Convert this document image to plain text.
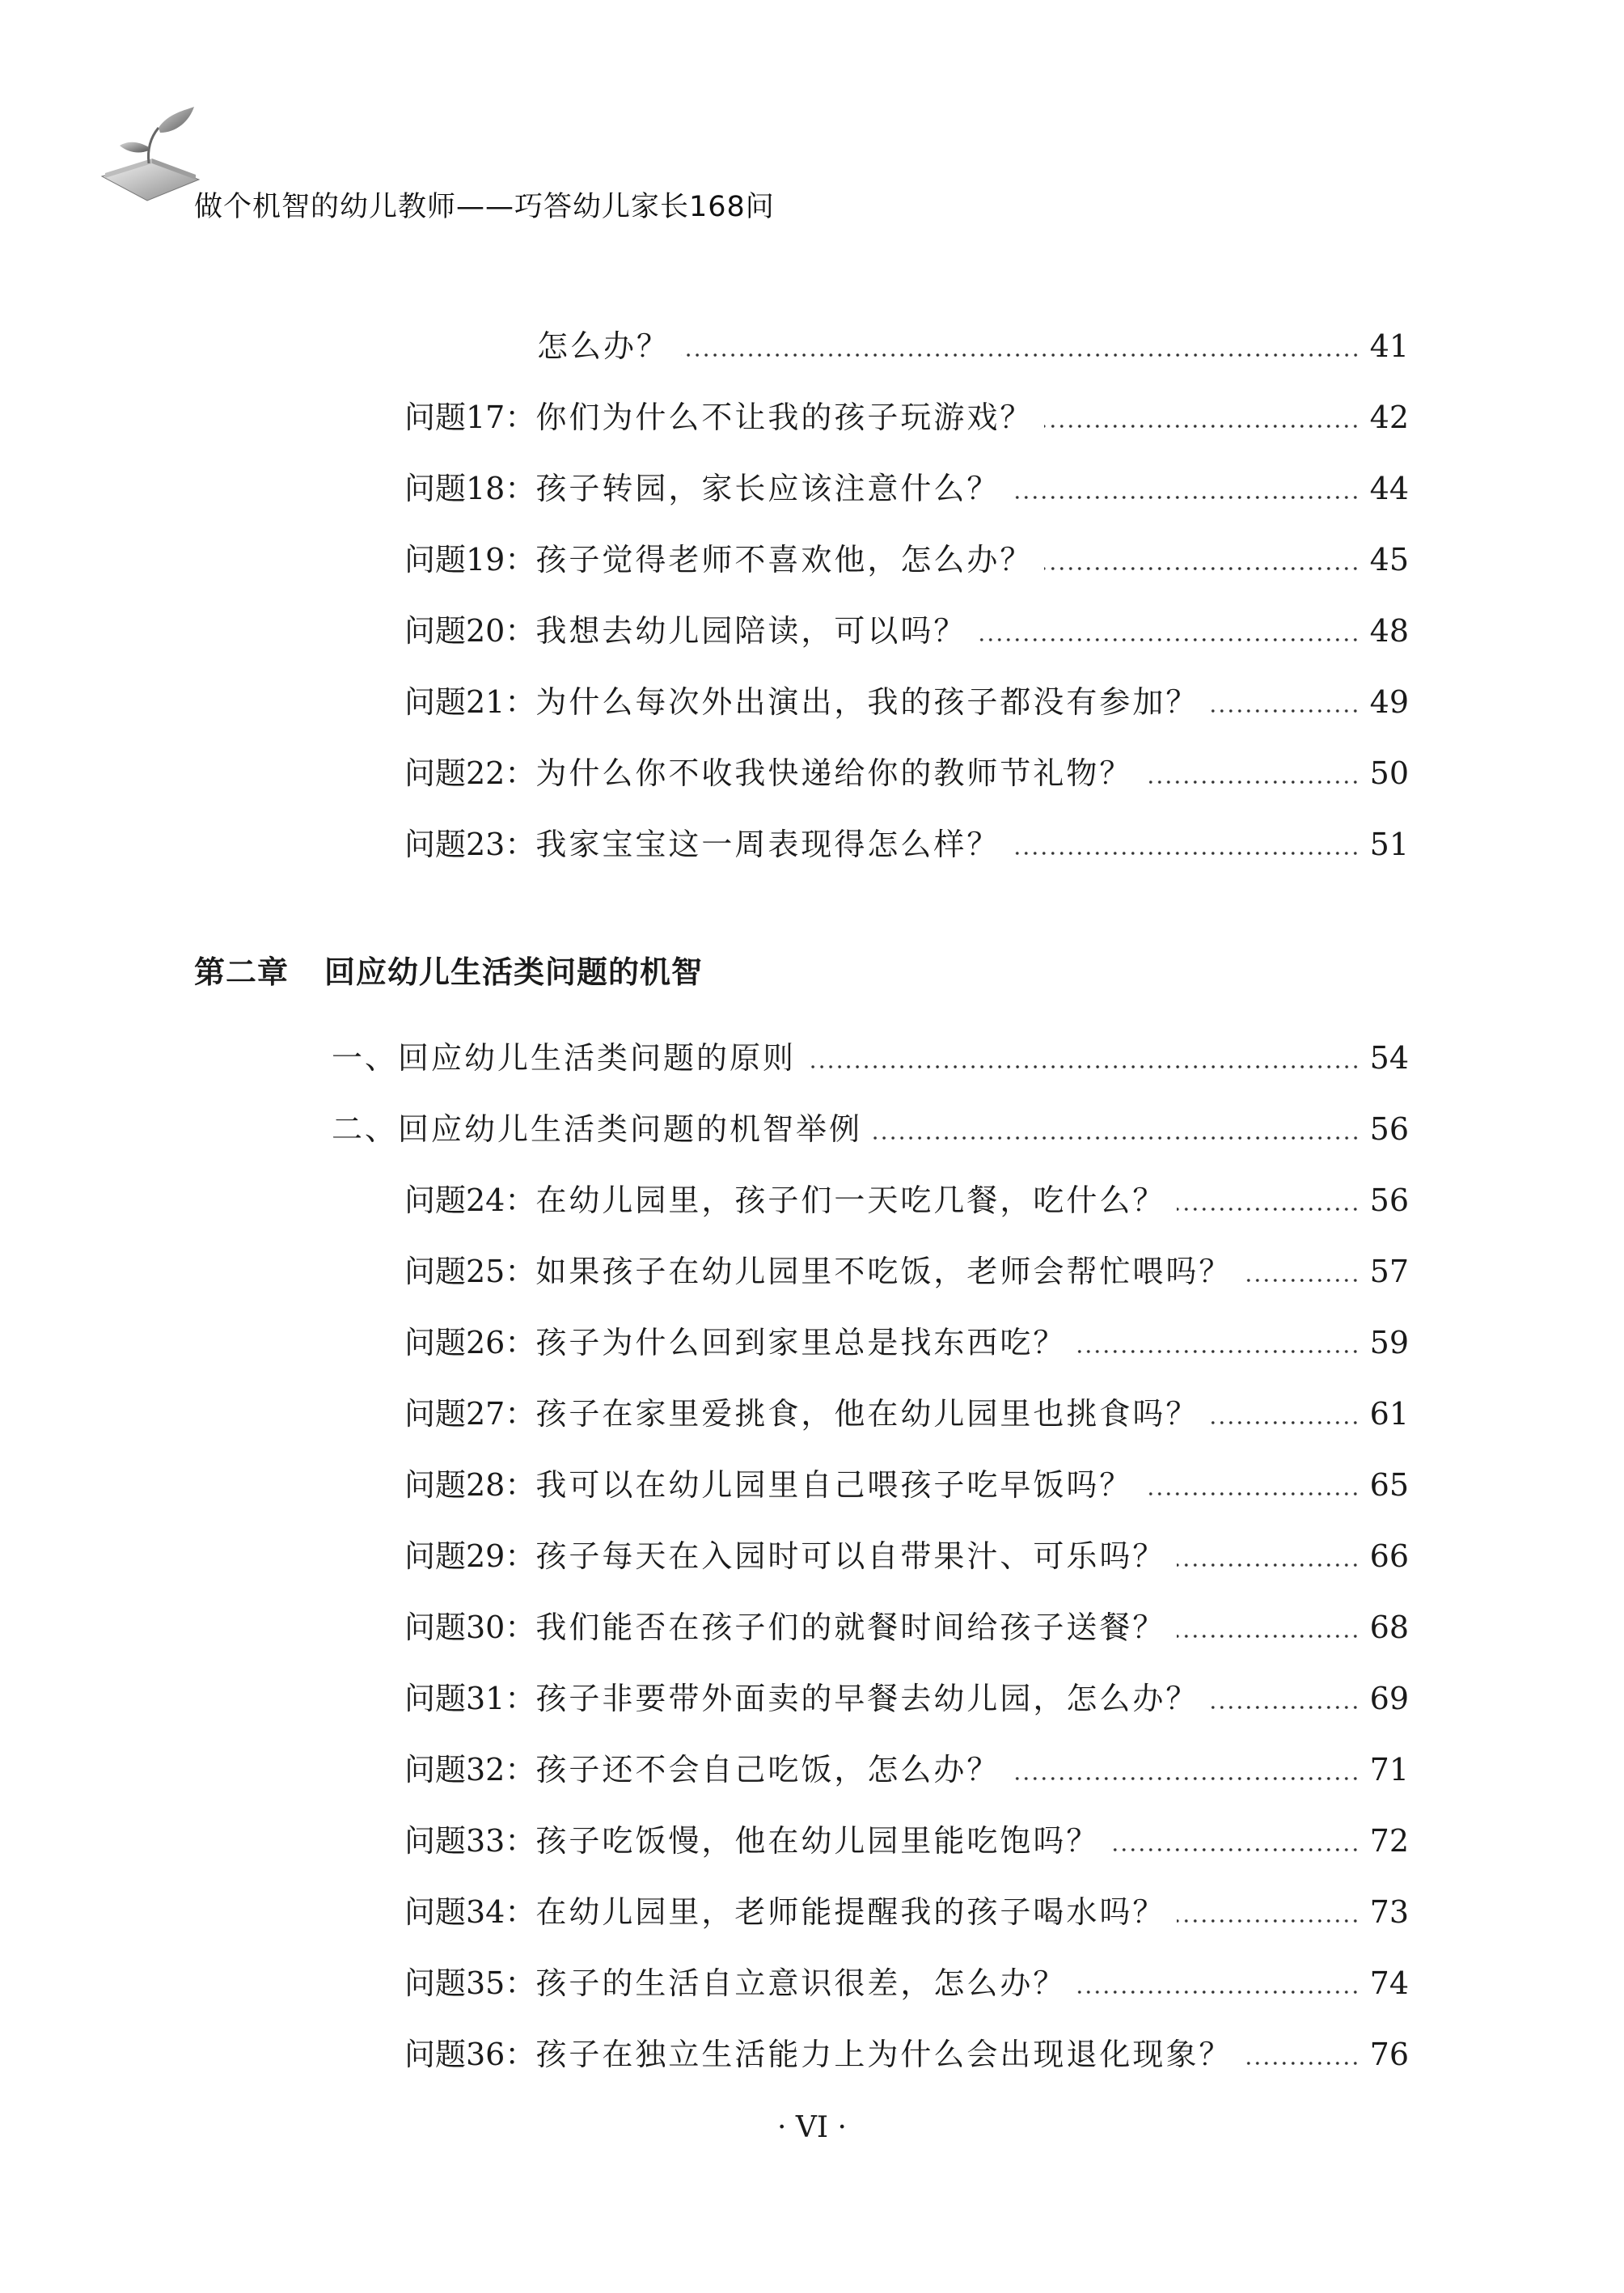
做个机智的幼儿教师——巧答幼儿家长168问
怎么办？	41
问题17：你们为什么不让我的孩子玩游戏？	42
问题18：孩子转园，家长应该注意什么？	44
问题19：孩子觉得老师不喜欢他，怎么办？	45
问题20：我想去幼儿园陪读，可以吗？	48
问题21：为什么每次外出演出，我的孩子都没有参加？	49
问题22：为什么你不收我快递给你的教师节礼物？	50
问题23：我家宝宝这一周表现得怎么样？	51
第二章 回应幼儿生活类问题的机智
一、回应幼儿生活类问题的原则	54
二、回应幼儿生活类问题的机智举例	56
问题24：在幼儿园里，孩子们一天吃几餐，吃什么？	56
问题25：如果孩子在幼儿园里不吃饭，老师会帮忙喂吗？	57
问题26：孩子为什么回到家里总是找东西吃？	59
问题27：孩子在家里爱挑食，他在幼儿园里也挑食吗？	61
问题28：我可以在幼儿园里自己喂孩子吃早饭吗？	65
问题29：孩子每天在入园时可以自带果汁、可乐吗？	66
问题30：我们能否在孩子们的就餐时间给孩子送餐？	68
问题31：孩子非要带外面卖的早餐去幼儿园，怎么办？	69
问题32：孩子还不会自己吃饭，怎么办？	71
问题33：孩子吃饭慢，他在幼儿园里能吃饱吗？	72
问题34：在幼儿园里，老师能提醒我的孩子喝水吗？	73
问题35：孩子的生活自立意识很差，怎么办？	74
问题36：孩子在独立生活能力上为什么会出现退化现象？	76
· VI ·
